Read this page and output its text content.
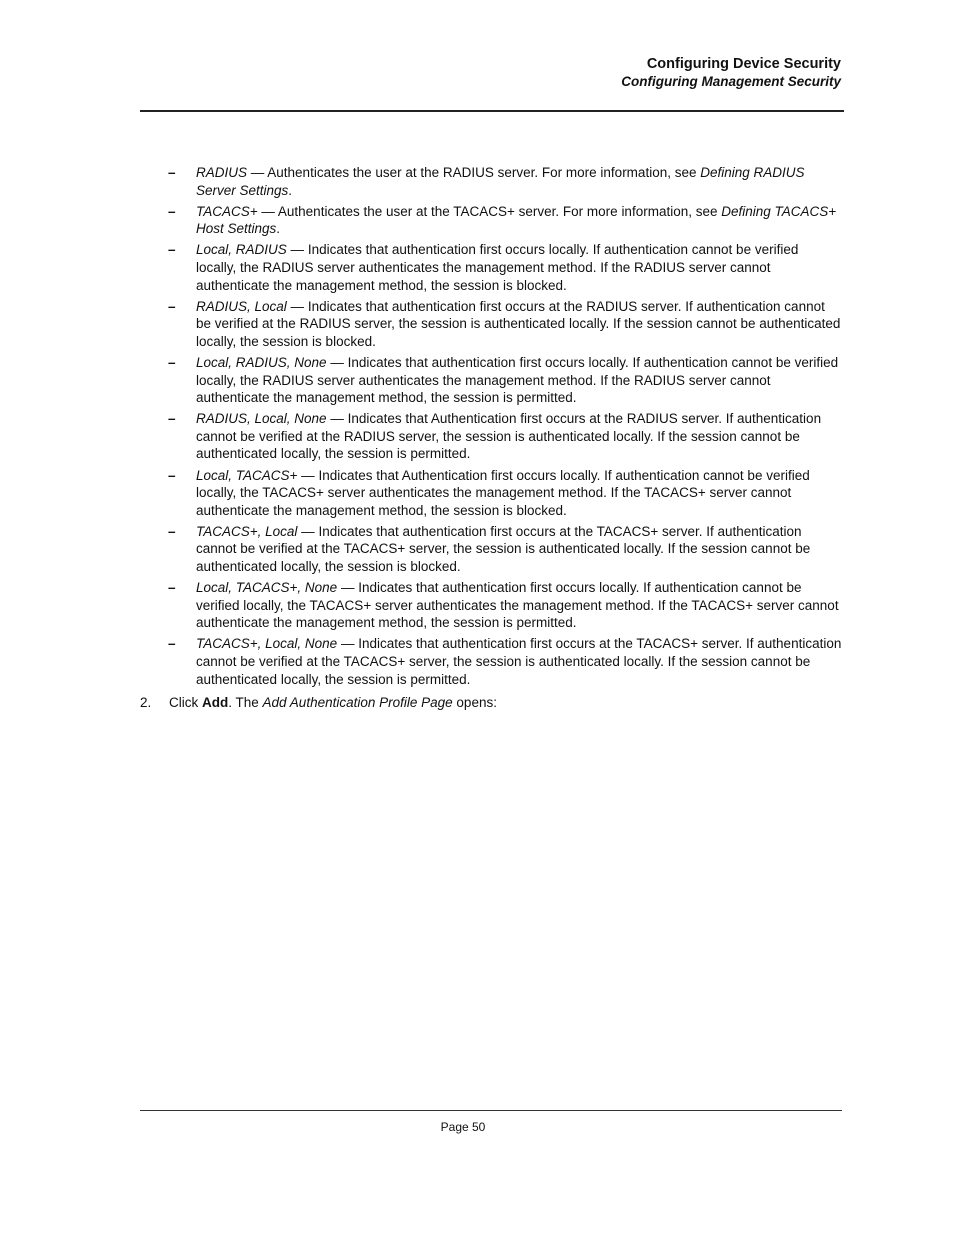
Configuring Device Security
Configuring Management Security
– RADIUS — Authenticates the user at the RADIUS server. For more information, see Defining RADIUS Server Settings.
– TACACS+ — Authenticates the user at the TACACS+ server. For more information, see Defining TACACS+ Host Settings.
– Local, RADIUS — Indicates that authentication first occurs locally. If authentication cannot be verified locally, the RADIUS server authenticates the management method. If the RADIUS server cannot authenticate the management method, the session is blocked.
– RADIUS, Local — Indicates that authentication first occurs at the RADIUS server. If authentication cannot be verified at the RADIUS server, the session is authenticated locally. If the session cannot be authenticated locally, the session is blocked.
– Local, RADIUS, None — Indicates that authentication first occurs locally. If authentication cannot be verified locally, the RADIUS server authenticates the management method. If the RADIUS server cannot authenticate the management method, the session is permitted.
– RADIUS, Local, None — Indicates that Authentication first occurs at the RADIUS server. If authentication cannot be verified at the RADIUS server, the session is authenticated locally. If the session cannot be authenticated locally, the session is permitted.
– Local, TACACS+ — Indicates that Authentication first occurs locally. If authentication cannot be verified locally, the TACACS+ server authenticates the management method. If the TACACS+ server cannot authenticate the management method, the session is blocked.
– TACACS+, Local — Indicates that authentication first occurs at the TACACS+ server. If authentication cannot be verified at the TACACS+ server, the session is authenticated locally. If the session cannot be authenticated locally, the session is blocked.
– Local, TACACS+, None — Indicates that authentication first occurs locally. If authentication cannot be verified locally, the TACACS+ server authenticates the management method. If the TACACS+ server cannot authenticate the management method, the session is permitted.
– TACACS+, Local, None — Indicates that authentication first occurs at the TACACS+ server. If authentication cannot be verified at the TACACS+ server, the session is authenticated locally. If the session cannot be authenticated locally, the session is permitted.
2. Click Add. The Add Authentication Profile Page opens:
Page 50
